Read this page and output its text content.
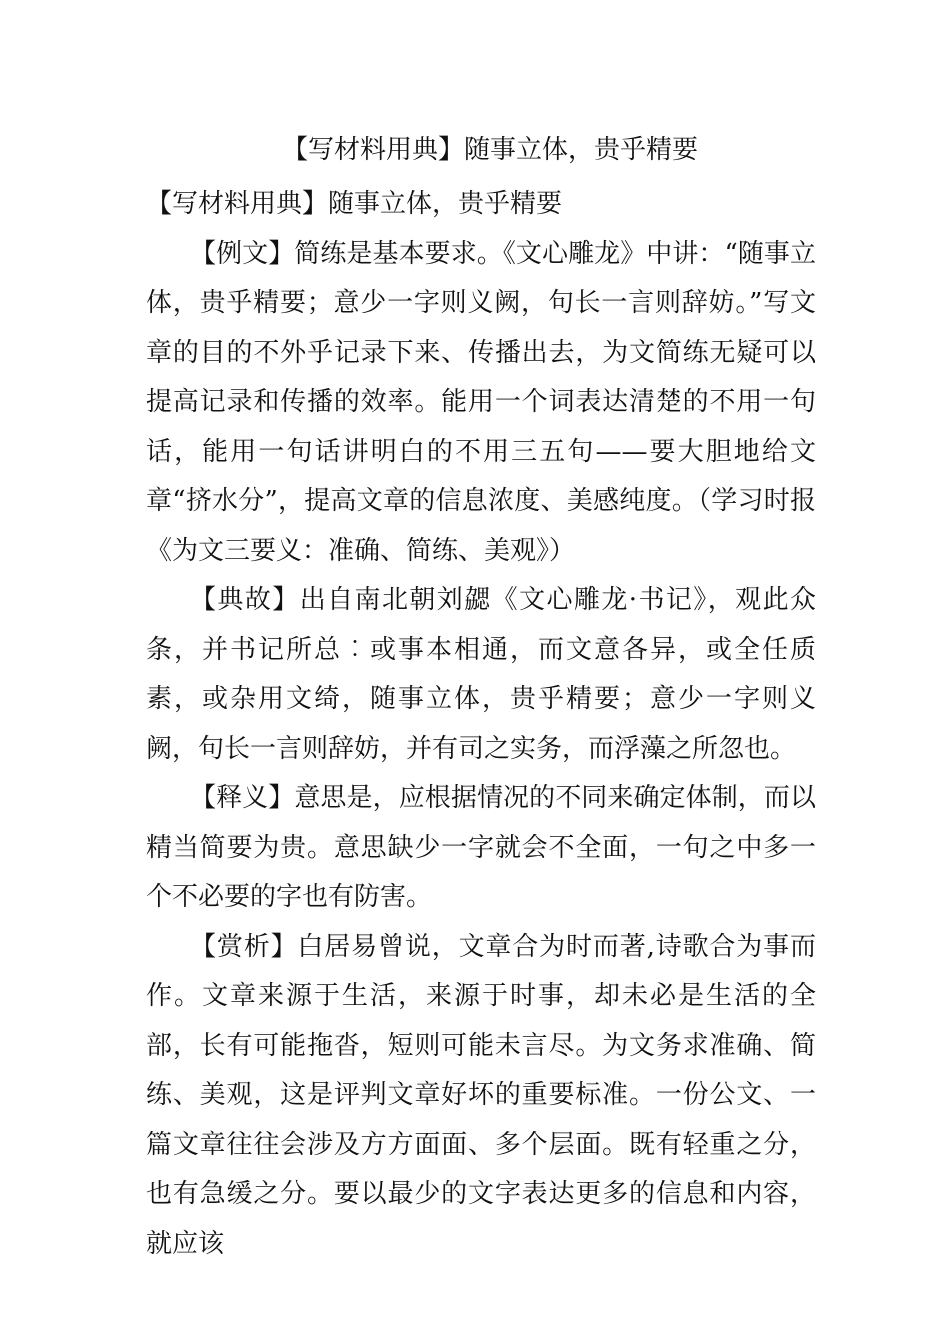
【写材料用典】随事立体，贵乎精要

【写材料用典】随事立体，贵乎精要

【例文】简练是基本要求。《文心雕龙》中讲：“随事立体，贵乎精要；意少一字则义阙，句长一言则辞妨。”写文章的目的不外乎记录下来、传播出去，为文简练无疑可以提高记录和传播的效率。能用一个词表达清楚的不用一句话，能用一句话讲明白的不用三五句——要大胆地给文章“挤水分”，提高文章的信息浓度、美感纯度。（学习时报《为文三要义：准确、简练、美观》）

【典故】出自南北朝刘勰《文心雕龙·书记》，观此众条，并书记所总︰或事本相通，而文意各异，或全任质素，或杂用文绮，随事立体，贵乎精要；意少一字则义阙，句长一言则辞妨，并有司之实务，而浮藻之所忽也。

【释义】意思是，应根据情况的不同来确定体制，而以精当简要为贵。意思缺少一字就会不全面，一句之中多一个不必要的字也有防害。

【赏析】白居易曾说，文章合为时而著,诗歌合为事而作。文章来源于生活，来源于时事，却未必是生活的全部，长有可能拖沓，短则可能未言尽。为文务求准确、简练、美观，这是评判文章好坏的重要标准。一份公文、一篇文章往往会涉及方方面面、多个层面。既有轻重之分，也有急缓之分。要以最少的文字表达更多的信息和内容，就应该
